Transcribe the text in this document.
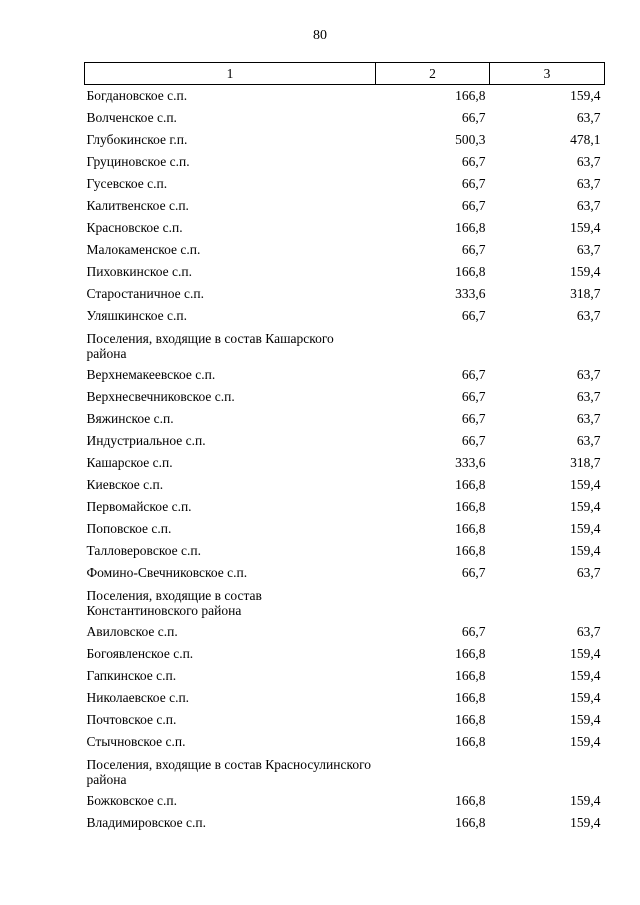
80
1	2	3
Богдановское с.п.	166,8	159,4
Волченское с.п.	66,7	63,7
Глубокинское г.п.	500,3	478,1
Груциновское с.п.	66,7	63,7
Гусевское с.п.	66,7	63,7
Калитвенское с.п.	66,7	63,7
Красновское с.п.	166,8	159,4
Малокаменское с.п.	66,7	63,7
Пиховкинское с.п.	166,8	159,4
Старостаничное с.п.	333,6	318,7
Уляшкинское с.п.	66,7	63,7
Поселения, входящие в состав Кашарского района		
Верхнемакеевское с.п.	66,7	63,7
Верхнесвечниковское с.п.	66,7	63,7
Вяжинское с.п.	66,7	63,7
Индустриальное с.п.	66,7	63,7
Кашарское с.п.	333,6	318,7
Киевское с.п.	166,8	159,4
Первомайское с.п.	166,8	159,4
Поповское с.п.	166,8	159,4
Талловеровское с.п.	166,8	159,4
Фомино-Свечниковское с.п.	66,7	63,7
Поселения, входящие в состав Константиновского района		
Авиловское с.п.	66,7	63,7
Богоявленское с.п.	166,8	159,4
Гапкинское с.п.	166,8	159,4
Николаевское с.п.	166,8	159,4
Почтовское с.п.	166,8	159,4
Стычновское с.п.	166,8	159,4
Поселения, входящие в состав Красносулинского района		
Божковское с.п.	166,8	159,4
Владимировское с.п.	166,8	159,4
